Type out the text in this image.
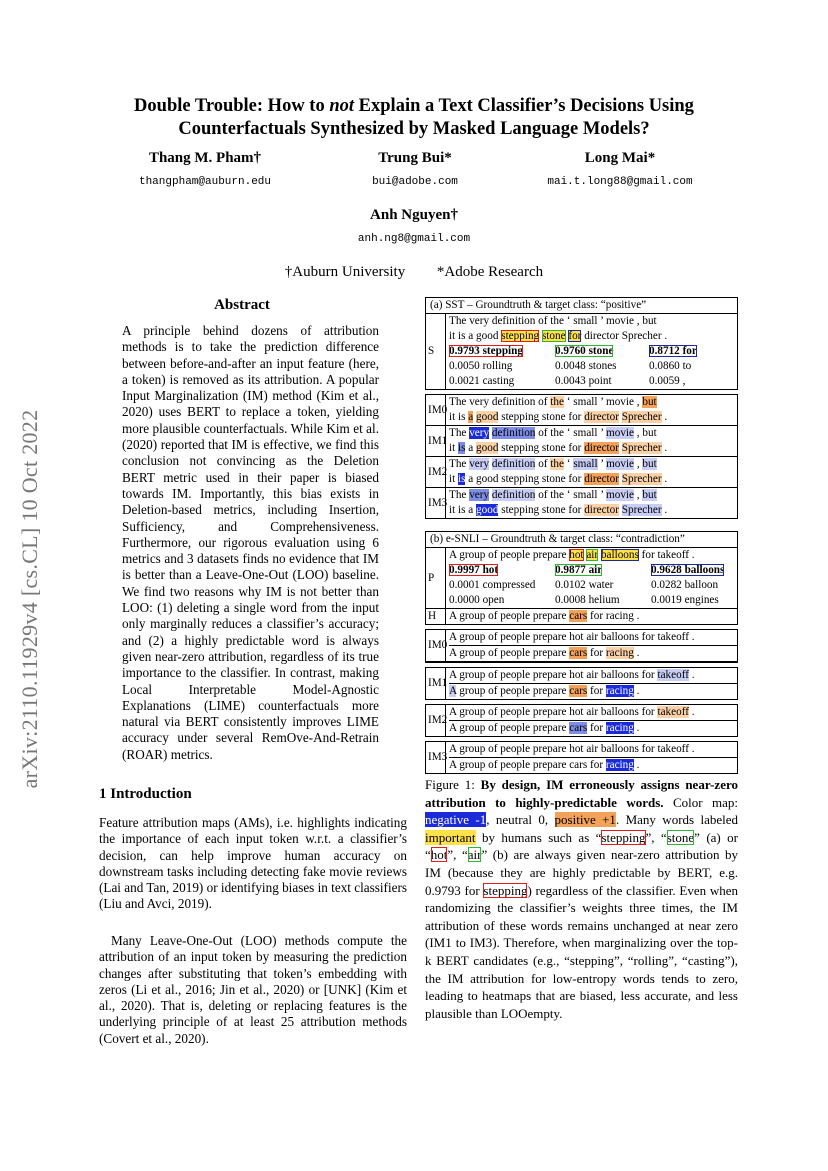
Double Trouble: How to not Explain a Text Classifier’s Decisions Using
Counterfactuals Synthesized by Masked Language Models?
Thang M. Pham†
thangpham@auburn.edu
Trung Bui*
bui@adobe.com
Long Mai*
mai.t.long88@gmail.com
Anh Nguyen†
anh.ng8@gmail.com
†Auburn University	*Adobe Research
arXiv:2110.11929v4 [cs.CL] 10 Oct 2022
Abstract
A principle behind dozens of attribution methods is to take the prediction difference between before-and-after an input feature (here, a token) is removed as its attribution. A popular Input Marginalization (IM) method (Kim et al., 2020) uses BERT to replace a token, yielding more plausible counterfactuals. While Kim et al. (2020) reported that IM is effective, we find this conclusion not convincing as the Deletion BERT metric used in their paper is biased towards IM. Importantly, this bias exists in Deletion-based metrics, including Insertion, Sufficiency, and Comprehensiveness. Furthermore, our rigorous evaluation using 6 metrics and 3 datasets finds no evidence that IM is better than a Leave-One-Out (LOO) baseline. We find two reasons why IM is not better than LOO: (1) deleting a single word from the input only marginally reduces a classifier’s accuracy; and (2) a highly predictable word is always given near-zero attribution, regardless of its true importance to the classifier. In contrast, making Local Interpretable Model-Agnostic Explanations (LIME) counterfactuals more natural via BERT consistently improves LIME accuracy under several RemOve-And-Retrain (ROAR) metrics.
1 Introduction
Feature attribution maps (AMs), i.e. highlights indicating the importance of each input token w.r.t. a classifier’s decision, can help improve human accuracy on downstream tasks including detecting fake movie reviews (Lai and Tan, 2019) or identifying biases in text classifiers (Liu and Avci, 2019).
Many Leave-One-Out (LOO) methods compute the attribution of an input token by measuring the prediction changes after substituting that token’s embedding with zeros (Li et al., 2016; Jin et al., 2020) or [UNK] (Kim et al., 2020). That is, deleting or replacing features is the underlying principle of at least 25 attribution methods (Covert et al., 2020).
(a) SST – Groundtruth & target class: “positive”
S
The very definition of the ‘ small ’ movie , but
it is a good stepping stone for director Sprecher .
0.9793 stepping	0.9760 stone	0.8712 for
0.0050 rolling	0.0048 stones	0.0860 to
0.0021 casting	0.0043 point	0.0059 ,
IM0
The very definition of the ‘ small ’ movie , but
it is a good stepping stone for director Sprecher .
IM1
The very definition of the ‘ small ’ movie , but
it is a good stepping stone for director Sprecher .
IM2
The very definition of the ‘ small ’ movie , but
it is a good stepping stone for director Sprecher .
IM3
The very definition of the ‘ small ’ movie , but
it is a good stepping stone for director Sprecher .
(b) e-SNLI – Groundtruth & target class: “contradiction”
P
A group of people prepare hot air balloons for takeoff .
0.9997 hot	0.9877 air	0.9628 balloons
0.0001 compressed	0.0102 water	0.0282 balloon
0.0000 open	0.0008 helium	0.0019 engines
H	A group of people prepare cars for racing .
IM0
A group of people prepare hot air balloons for takeoff .
A group of people prepare cars for racing .
IM1
A group of people prepare hot air balloons for takeoff .
A group of people prepare cars for racing .
IM2
A group of people prepare hot air balloons for takeoff .
A group of people prepare cars for racing .
IM3
A group of people prepare hot air balloons for takeoff .
A group of people prepare cars for racing .
Figure 1: By design, IM erroneously assigns near-zero attribution to highly-predictable words. Color map: negative -1, neutral 0, positive +1. Many words labeled important by humans such as “stepping”, “stone” (a) or “hot”, “air” (b) are always given near-zero attribution by IM (because they are highly predictable by BERT, e.g. 0.9793 for stepping) regardless of the classifier. Even when randomizing the classifier’s weights three times, the IM attribution of these words remains unchanged at near zero (IM1 to IM3). Therefore, when marginalizing over the top-k BERT candidates (e.g., “stepping”, “rolling”, “casting”), the IM attribution for low-entropy words tends to zero, leading to heatmaps that are biased, less accurate, and less plausible than LOOempty.
